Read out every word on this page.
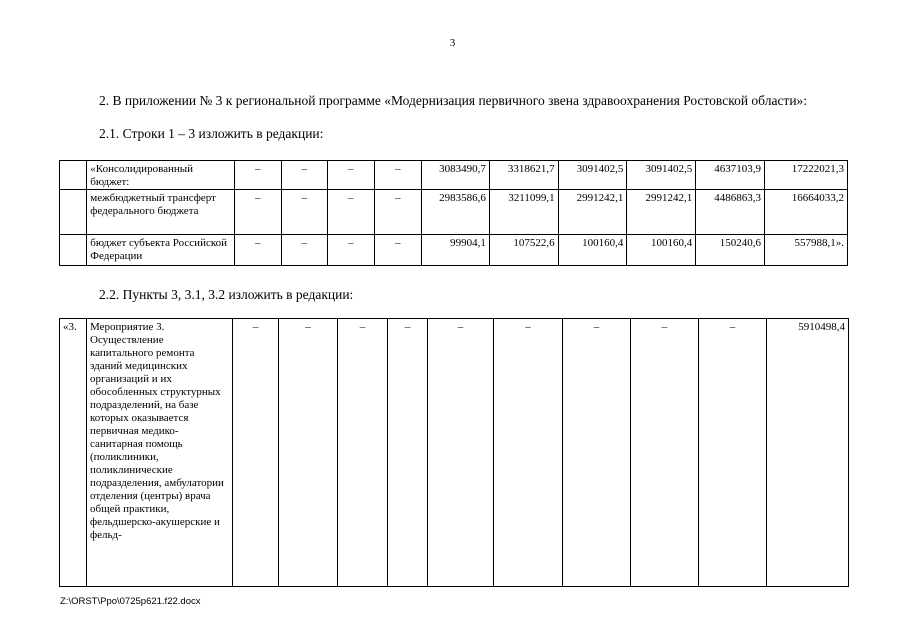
3
2. В приложении № 3 к региональной программе «Модернизация первичного звена здравоохранения Ростовской области»:
2.1. Строки 1 – 3 изложить в редакции:
	«Консолидированный бюджет:	–	–	–	–	3083490,7	3318621,7	3091402,5	3091402,5	4637103,9	17222021,3
	межбюджетный трансферт федерального бюджета	–	–	–	–	2983586,6	3211099,1	2991242,1	2991242,1	4486863,3	16664033,2
	бюджет субъекта Российской Федерации	–	–	–	–	99904,1	107522,6	100160,4	100160,4	150240,6	557988,1».
2.2. Пункты 3, 3.1, 3.2 изложить в редакции:
«3.	Мероприятие 3. Осуществление капитального ремонта зданий медицинских организаций и их обособленных структурных подразделений, на базе которых оказывается первичная медико-санитарная помощь (поликлиники, поликлинические подразделения, амбулатории отделения (центры) врача общей практики, фельдшерско-акушерские и фельд-	–	–	–	–	–	–	–	–	–	5910498,4
Z:\ORST\Ppo\0725p621.f22.docx
